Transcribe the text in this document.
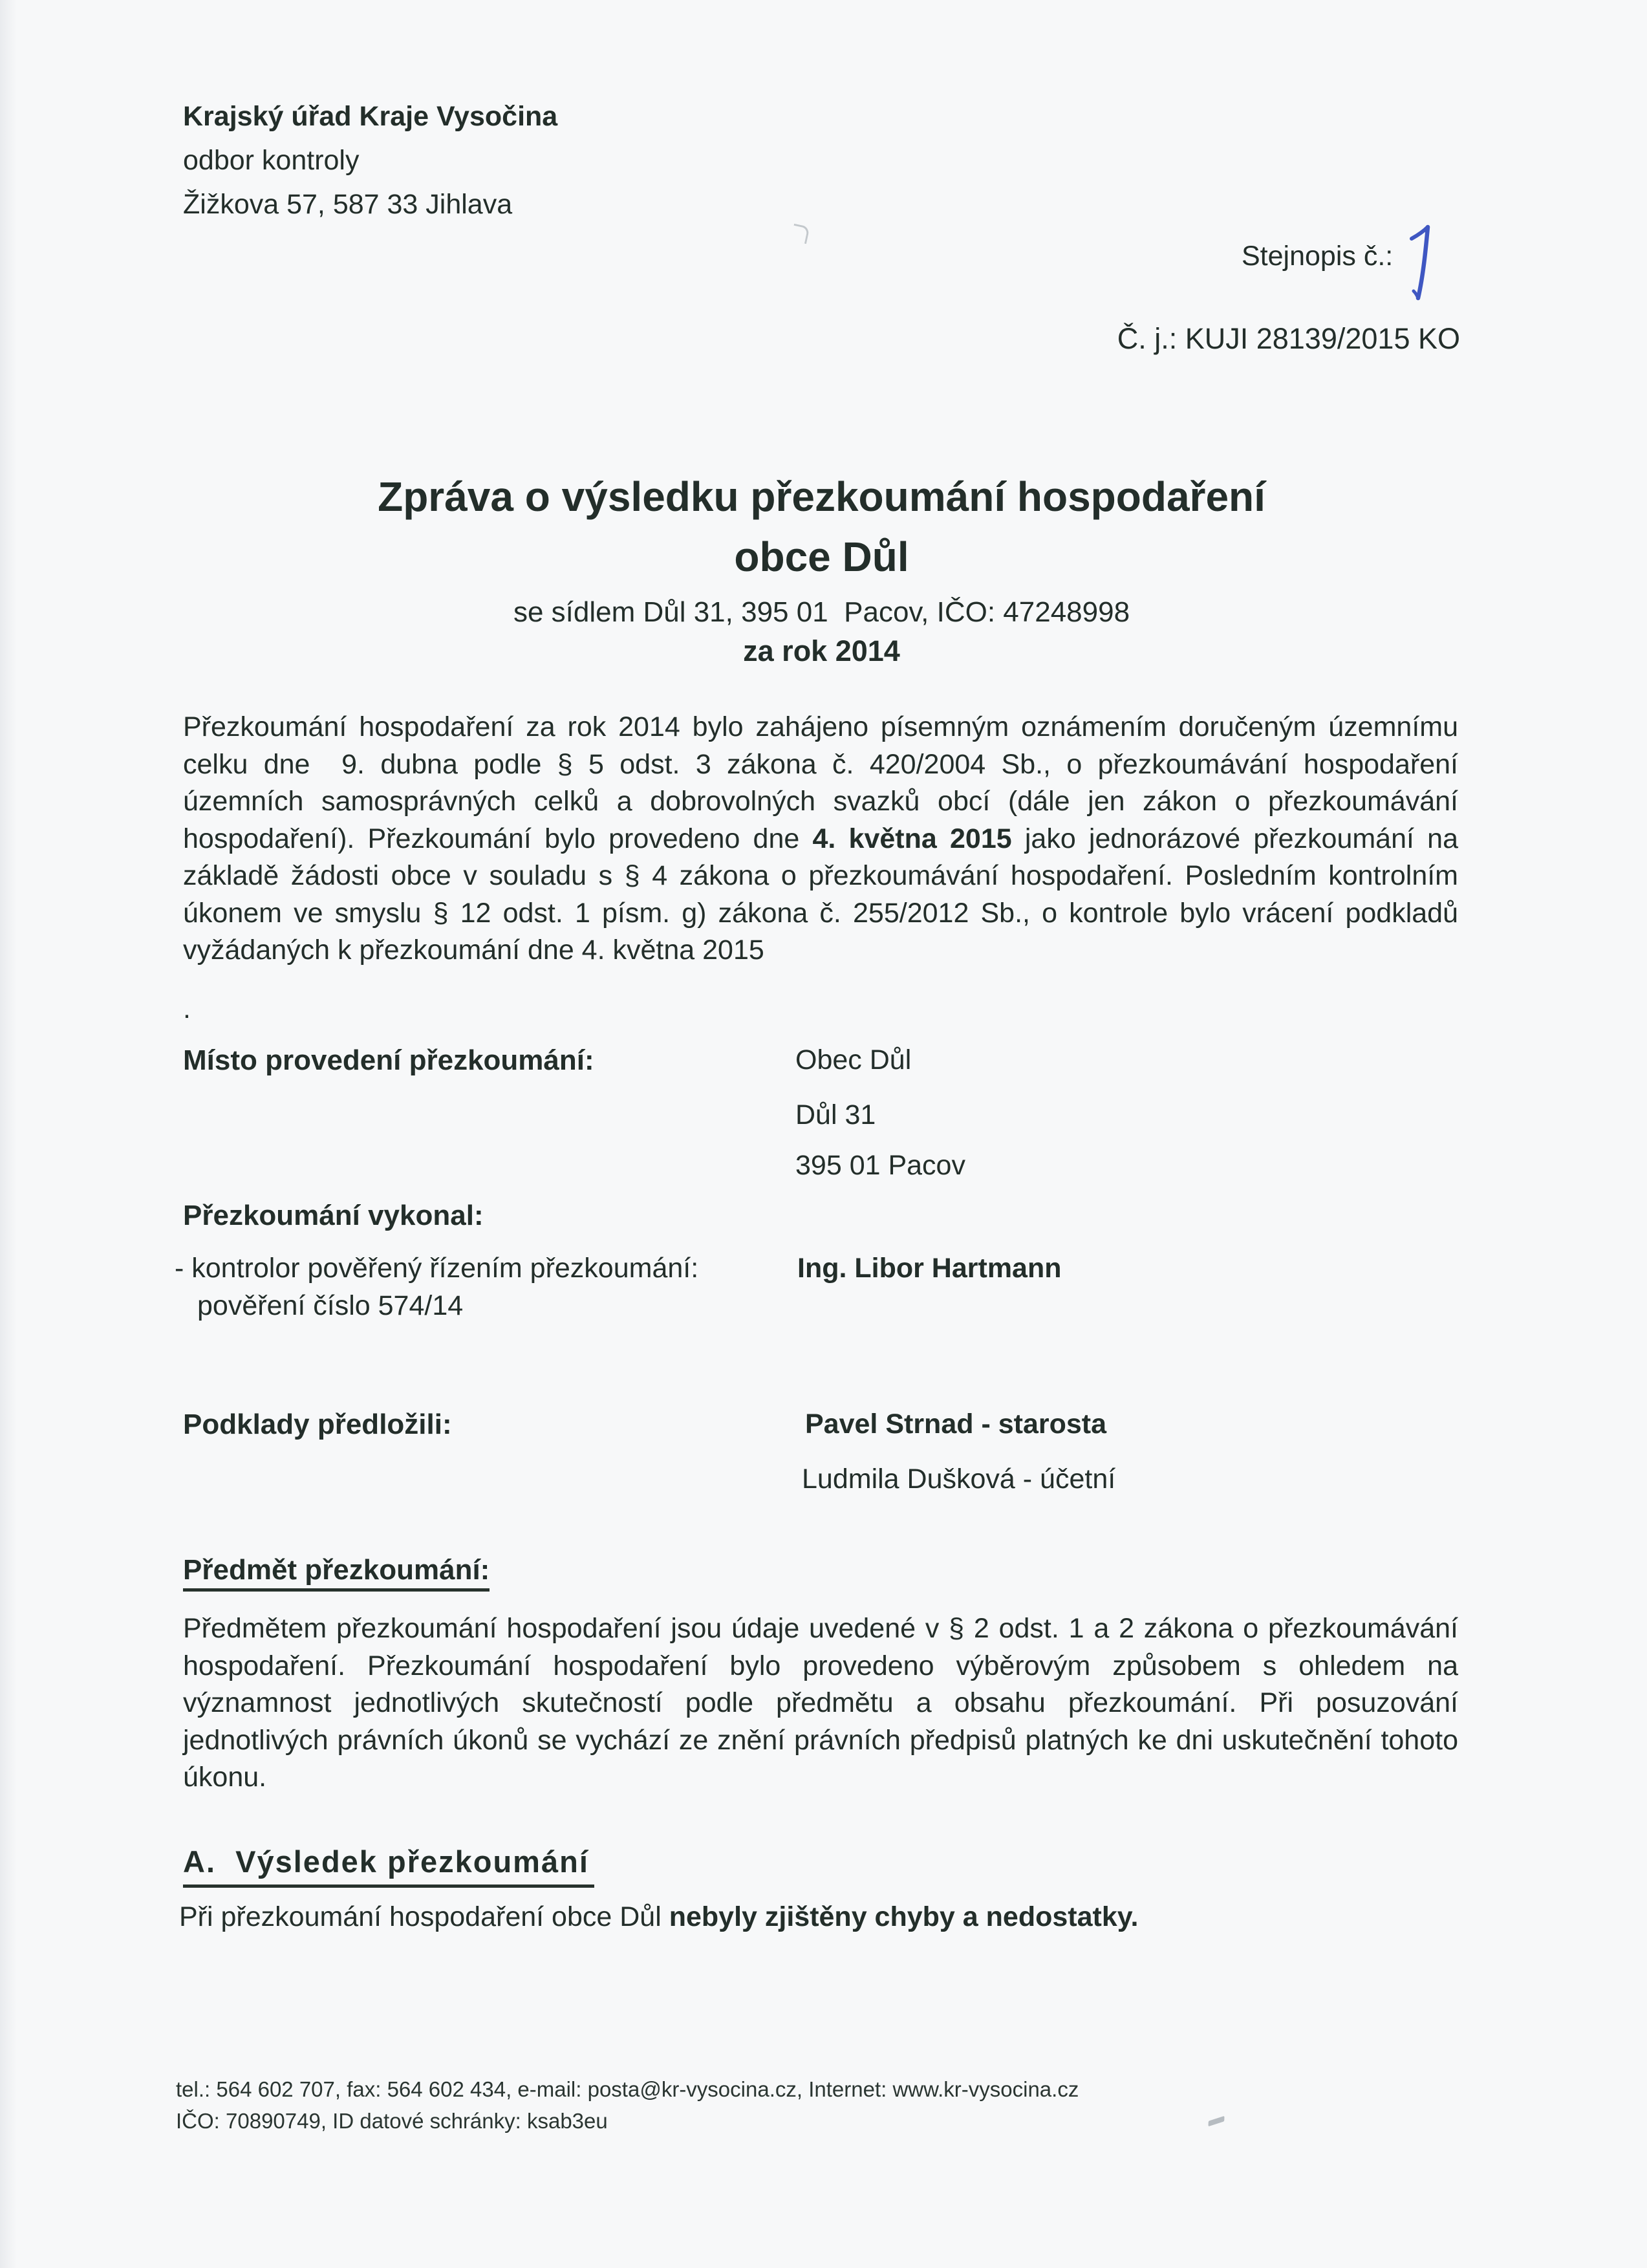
Krajský úřad Kraje Vysočina
odbor kontroly
Žižkova 57, 587 33 Jihlava
Stejnopis č.:
Č. j.: KUJI 28139/2015 KO
Zpráva o výsledku přezkoumání hospodaření
obce Důl
se sídlem Důl 31, 395 01  Pacov, IČO: 47248998
za rok 2014
Přezkoumání hospodaření za rok 2014 bylo zahájeno písemným oznámením doručeným územnímu celku dne  9. dubna podle § 5 odst. 3 zákona č. 420/2004 Sb., o přezkoumávání hospodaření územních samosprávných celků a dobrovolných svazků obcí (dále jen zákon o přezkoumávání hospodaření). Přezkoumání bylo provedeno dne 4. května 2015 jako jednorázové přezkoumání na základě žádosti obce v souladu s § 4 zákona o přezkoumávání hospodaření. Posledním kontrolním úkonem ve smyslu § 12 odst. 1 písm. g) zákona č. 255/2012 Sb., o kontrole bylo vrácení podkladů vyžádaných k přezkoumání dne 4. května 2015
.
Místo provedení přezkoumání:	Obec Důl
Důl 31
395 01 Pacov
Přezkoumání vykonal:
- kontrolor pověřený řízením přezkoumání:	Ing. Libor Hartmann
pověření číslo 574/14
Podklady předložili:	Pavel Strnad - starosta
Ludmila Dušková - účetní
Předmět přezkoumání:
Předmětem přezkoumání hospodaření jsou údaje uvedené v § 2 odst. 1 a 2 zákona o přezkoumávání hospodaření. Přezkoumání hospodaření bylo provedeno výběrovým způsobem s ohledem na významnost jednotlivých skutečností podle předmětu a obsahu přezkoumání. Při posuzování jednotlivých právních úkonů se vychází ze znění právních předpisů platných ke dni uskutečnění tohoto úkonu.
A.  Výsledek přezkoumání
Při přezkoumání hospodaření obce Důl nebyly zjištěny chyby a nedostatky.
tel.: 564 602 707, fax: 564 602 434, e-mail: posta@kr-vysocina.cz, Internet: www.kr-vysocina.cz
IČO: 70890749, ID datové schránky: ksab3eu
